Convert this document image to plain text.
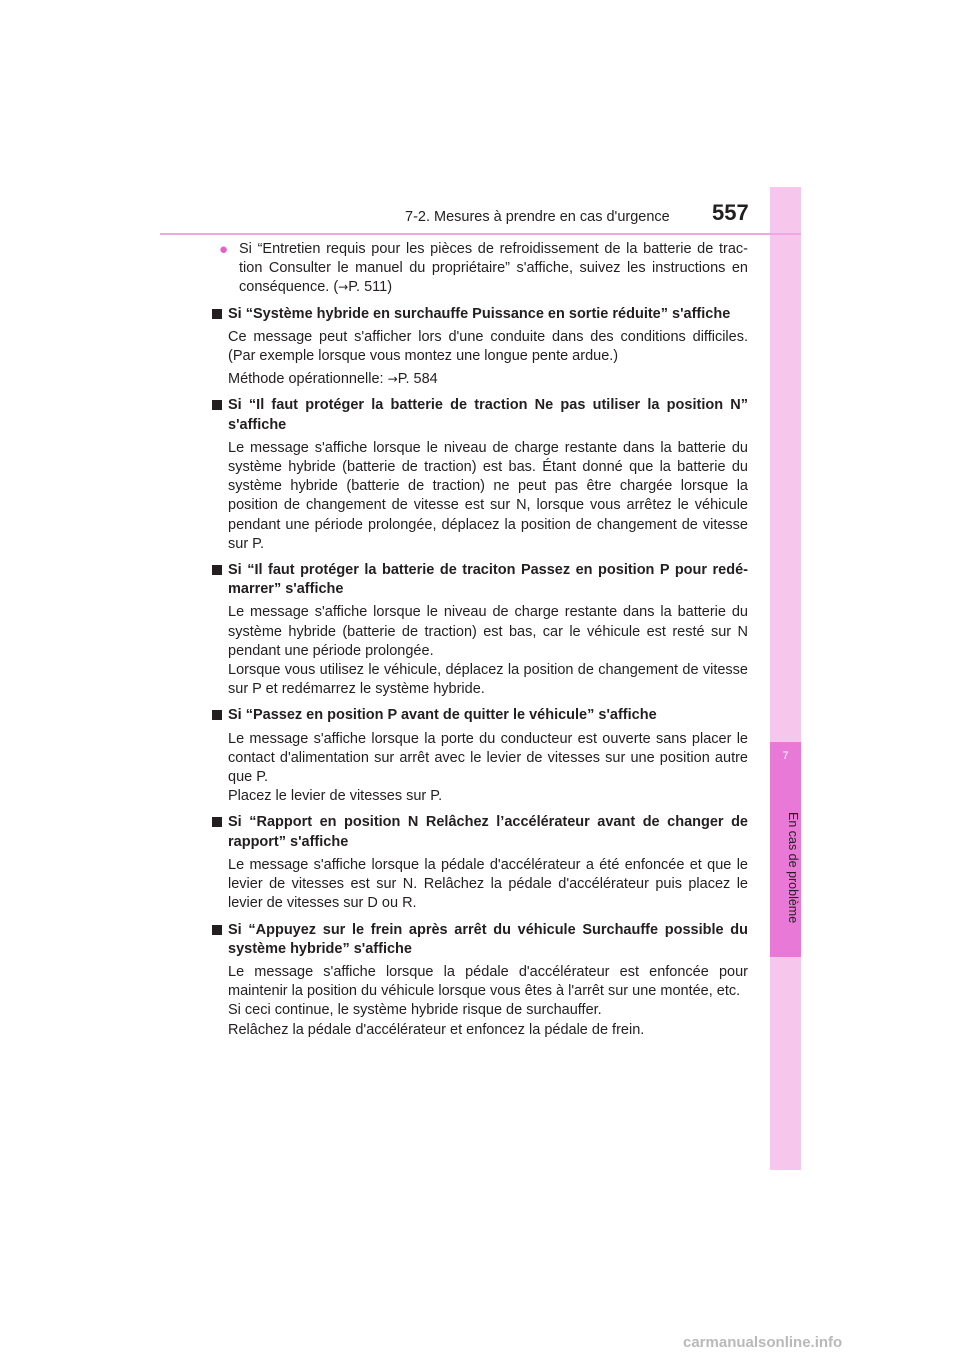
7
En cas de problème
7-2. Mesures à prendre en cas d'urgence 557
● Si “Entretien requis pour les pièces de refroidissement de la batterie de trac-tion Consulter le manuel du propriétaire” s'affiche, suivez les instructions en conséquence. (→P. 511)

Si “Système hybride en surchauffe Puissance en sortie réduite” s'affiche

Ce message peut s'afficher lors d'une conduite dans des conditions difficiles. (Par exemple lorsque vous montez une longue pente ardue.)

Méthode opérationnelle: →P. 584

Si “Il faut protéger la batterie de traction Ne pas utiliser la position N” s'affiche

Le message s'affiche lorsque le niveau de charge restante dans la batterie du système hybride (batterie de traction) est bas. Étant donné que la batterie du système hybride (batterie de traction) ne peut pas être chargée lorsque la position de changement de vitesse est sur N, lorsque vous arrêtez le véhicule pendant une période prolongée, déplacez la position de changement de vitesse sur P.

Si “Il faut protéger la batterie de traciton Passez en position P pour redé-marrer” s'affiche

Le message s'affiche lorsque le niveau de charge restante dans la batterie du système hybride (batterie de traction) est bas, car le véhicule est resté sur N pendant une période prolongée.

Lorsque vous utilisez le véhicule, déplacez la position de changement de vitesse sur P et redémarrez le système hybride.

Si “Passez en position P avant de quitter le véhicule” s'affiche

Le message s'affiche lorsque la porte du conducteur est ouverte sans placer le contact d'alimentation sur arrêt avec le levier de vitesses sur une position autre que P.

Placez le levier de vitesses sur P.

Si “Rapport en position N Relâchez l’accélérateur avant de changer de rapport” s'affiche

Le message s'affiche lorsque la pédale d'accélérateur a été enfoncée et que le levier de vitesses est sur N. Relâchez la pédale d'accélérateur puis placez le levier de vitesses sur D ou R.

Si “Appuyez sur le frein après arrêt du véhicule Surchauffe possible du système hybride” s'affiche

Le message s'affiche lorsque la pédale d'accélérateur est enfoncée pour maintenir la position du véhicule lorsque vous êtes à l'arrêt sur une montée, etc.

Si ceci continue, le système hybride risque de surchauffer.

Relâchez la pédale d'accélérateur et enfoncez la pédale de frein.

carmanualsonline.info
